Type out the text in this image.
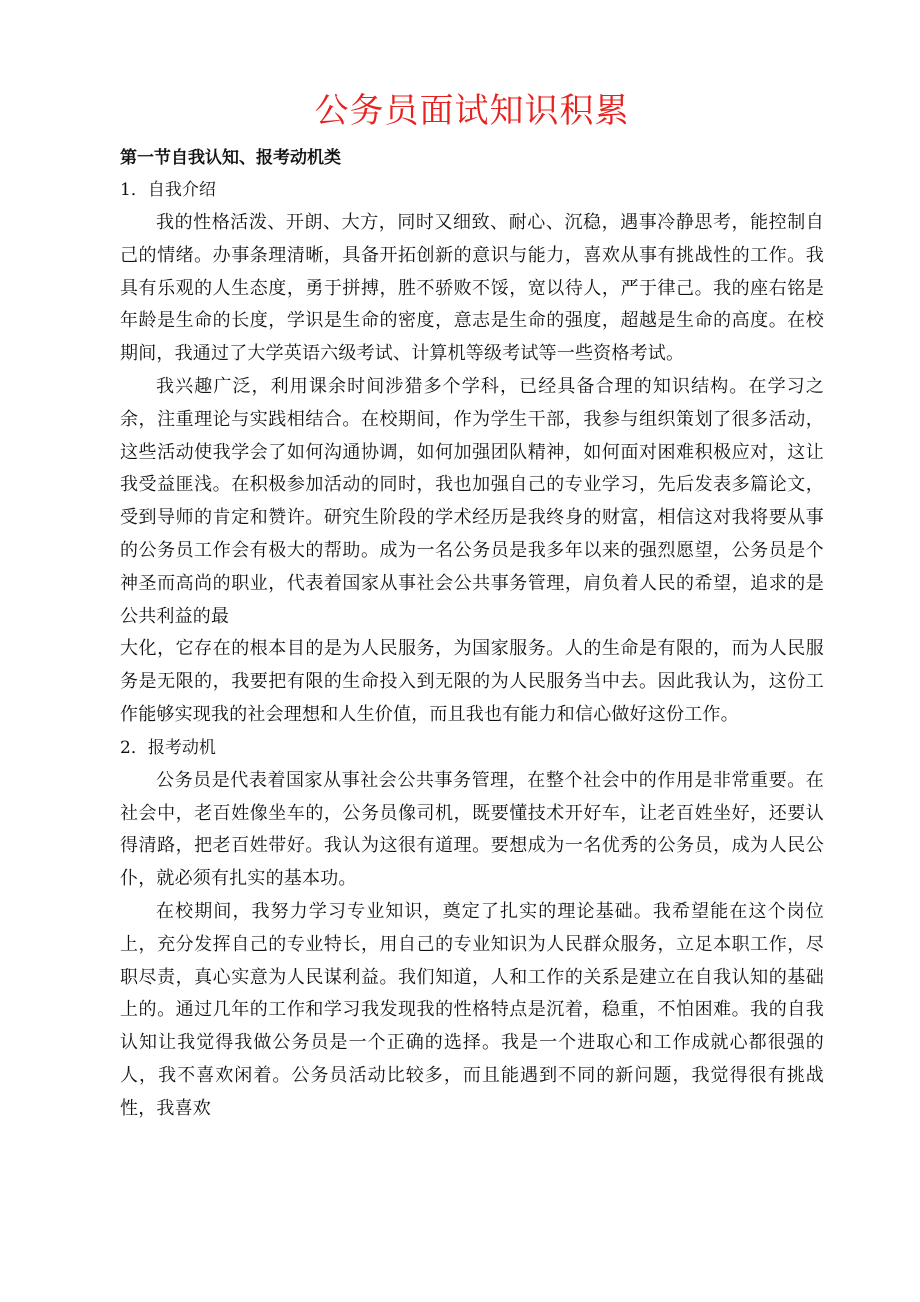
公务员面试知识积累

第一节自我认知、报考动机类

1．自我介绍

我的性格活泼、开朗、大方，同时又细致、耐心、沉稳，遇事冷静思考，能控制自己的情绪。办事条理清晰，具备开拓创新的意识与能力，喜欢从事有挑战性的工作。我具有乐观的人生态度，勇于拼搏，胜不骄败不馁，宽以待人，严于律己。我的座右铭是年龄是生命的长度，学识是生命的密度，意志是生命的强度，超越是生命的高度。在校期间，我通过了大学英语六级考试、计算机等级考试等一些资格考试。

我兴趣广泛，利用课余时间涉猎多个学科，已经具备合理的知识结构。在学习之余，注重理论与实践相结合。在校期间，作为学生干部，我参与组织策划了很多活动，这些活动使我学会了如何沟通协调，如何加强团队精神，如何面对困难积极应对，这让我受益匪浅。在积极参加活动的同时，我也加强自己的专业学习，先后发表多篇论文，受到导师的肯定和赞许。研究生阶段的学术经历是我终身的财富，相信这对我将要从事的公务员工作会有极大的帮助。成为一名公务员是我多年以来的强烈愿望，公务员是个神圣而高尚的职业，代表着国家从事社会公共事务管理，肩负着人民的希望，追求的是公共利益的最

大化，它存在的根本目的是为人民服务，为国家服务。人的生命是有限的，而为人民服务是无限的，我要把有限的生命投入到无限的为人民服务当中去。因此我认为，这份工作能够实现我的社会理想和人生价值，而且我也有能力和信心做好这份工作。

2．报考动机

公务员是代表着国家从事社会公共事务管理，在整个社会中的作用是非常重要。在社会中，老百姓像坐车的，公务员像司机，既要懂技术开好车，让老百姓坐好，还要认得清路，把老百姓带好。我认为这很有道理。要想成为一名优秀的公务员，成为人民公仆，就必须有扎实的基本功。

在校期间，我努力学习专业知识，奠定了扎实的理论基础。我希望能在这个岗位上，充分发挥自己的专业特长，用自己的专业知识为人民群众服务，立足本职工作，尽职尽责，真心实意为人民谋利益。我们知道，人和工作的关系是建立在自我认知的基础上的。通过几年的工作和学习我发现我的性格特点是沉着，稳重，不怕困难。我的自我认知让我觉得我做公务员是一个正确的选择。我是一个进取心和工作成就心都很强的人，我不喜欢闲着。公务员活动比较多，而且能遇到不同的新问题，我觉得很有挑战性，我喜欢
